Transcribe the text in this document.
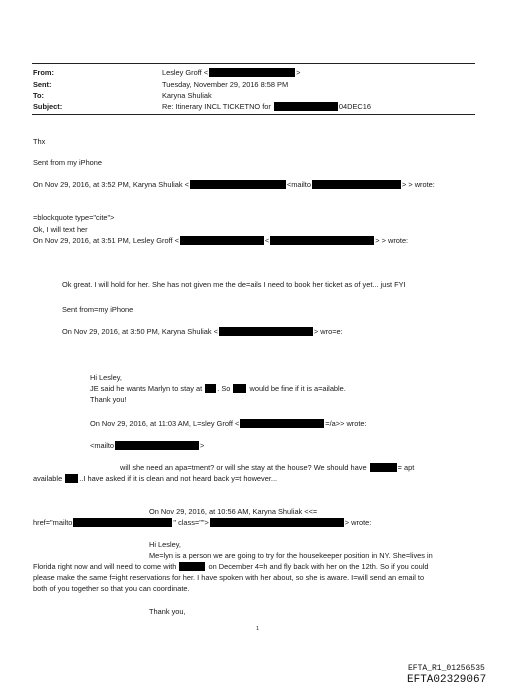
From:	Lesley Groff <	>
Sent:	Tuesday, November 29, 2016 8:58 PM
To:	Karyna Shuliak
Subject:	Re: Itinerary INCL TICKETNO for	04DEC16
Thx
Sent from my iPhone
On Nov 29, 2016, at 3:52 PM, Karyna Shuliak <	<mailto	> > wrote:
=blockquote type="cite">
Ok, I will text her
On Nov 29, 2016, at 3:51 PM, Lesley Groff <	<	> > wrote:
Ok great. I will hold for her. She has not given me the de=ails I need to book her ticket as of yet... just FYI
Sent from=my iPhone
On Nov 29, 2016, at 3:50 PM, Karyna Shuliak <	> wro=e:
Hi Lesley,
JE said he wants Marlyn to stay at . So	would be fine if it is a=ailable.
Thank you!
On Nov 29, 2016, at 11:03 AM, L=sley Groff <	=/a>> wrote:
<mailto	>
will she need an apa=tment? or will she stay at the house? We should have	= apt
available ..I have asked if it is clean and not heard back y=t however...
On Nov 29, 2016, at 10:56 AM, Karyna Shuliak <<=
href="mailto	" class="">	> wrote:
Hi Lesley,
Me=lyn is a person we are going to try for the housekeeper position in NY. She=lives in
Florida right now and will need to come with	on December 4=h and fly back with her on the 12th. So if you could
please make the same f=ight reservations for her. I have spoken with her about, so she is aware. I=will send an email to
both of you together so that you can coordinate.
Thank you,
1
EFTA_R1_01256535
EFTA02329067
